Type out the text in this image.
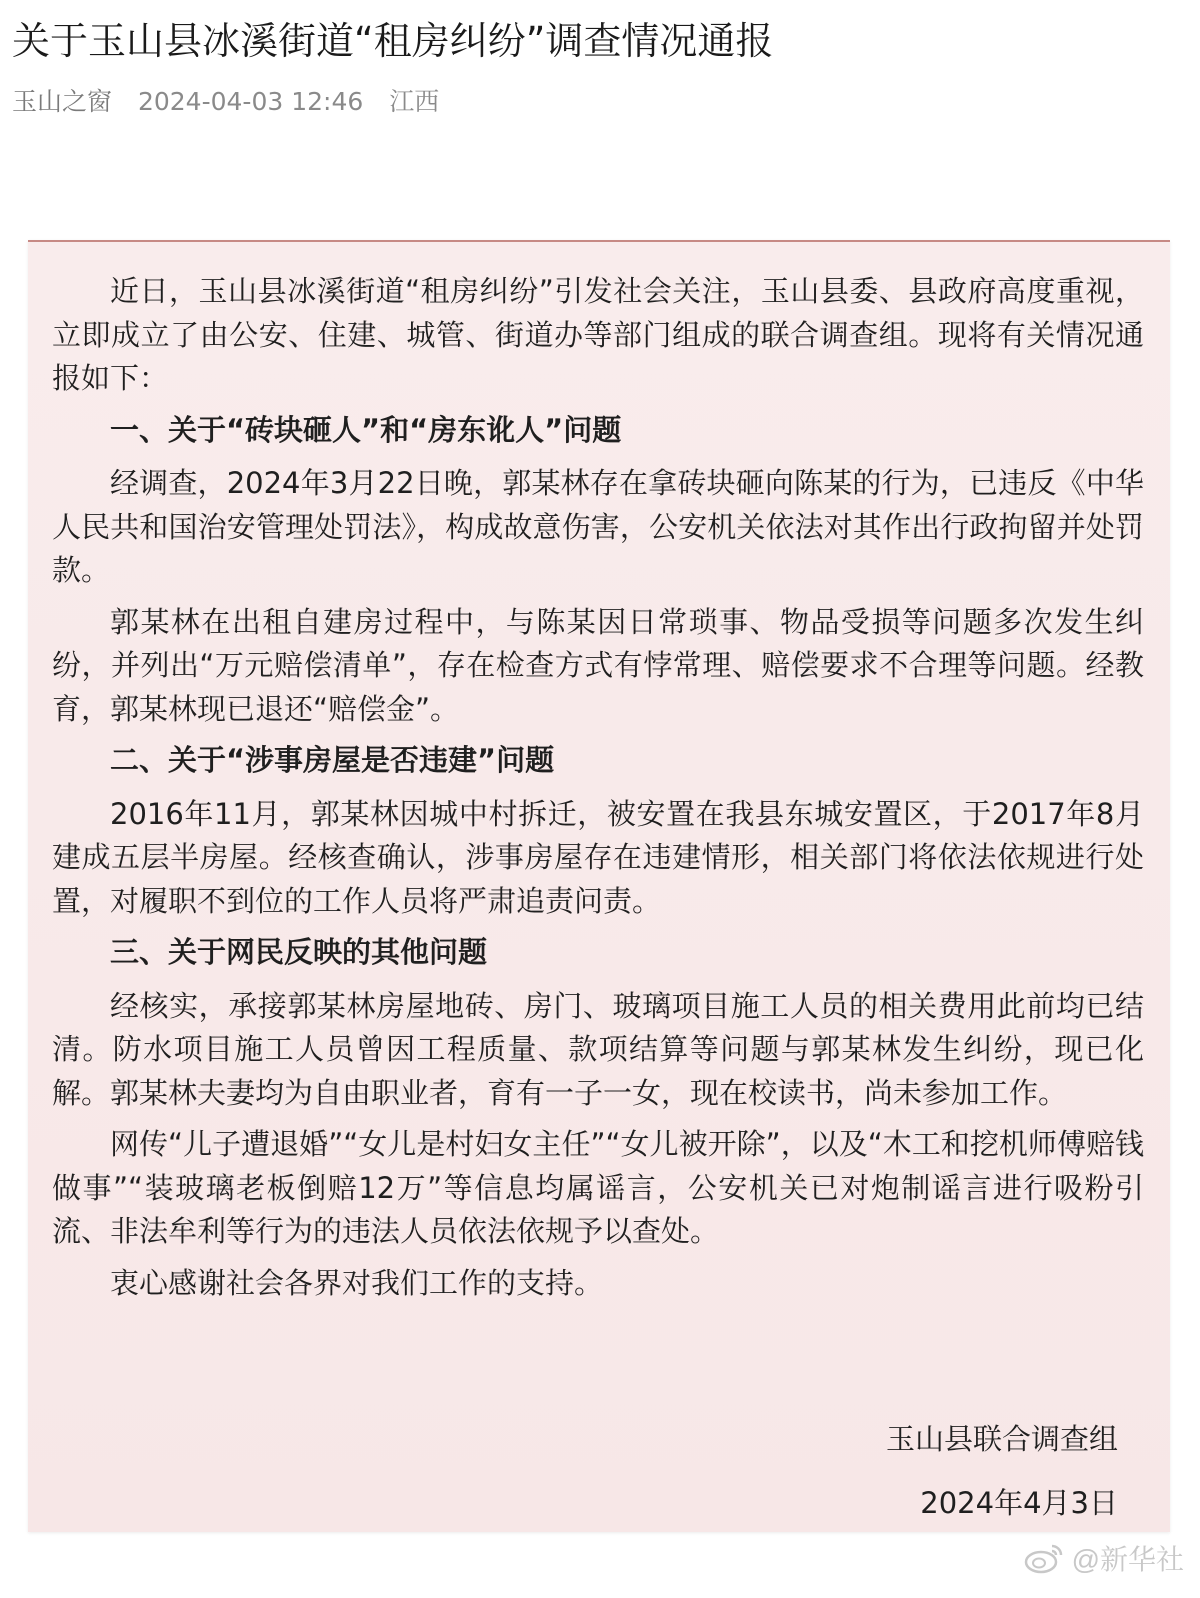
关于玉山县冰溪街道“租房纠纷”调查情况通报
玉山之窗 2024-04-03 12:46 江西

近日，玉山县冰溪街道“租房纠纷”引发社会关注，玉山县委、县政府高度重视，立即成立了由公安、住建、城管、街道办等部门组成的联合调查组。现将有关情况通报如下：

一、关于“砖块砸人”和“房东讹人”问题

经调查，2024年3月22日晚，郭某林存在拿砖块砸向陈某的行为，已违反《中华人民共和国治安管理处罚法》，构成故意伤害，公安机关依法对其作出行政拘留并处罚款。

郭某林在出租自建房过程中，与陈某因日常琐事、物品受损等问题多次发生纠纷，并列出“万元赔偿清单”，存在检查方式有悖常理、赔偿要求不合理等问题。经教育，郭某林现已退还“赔偿金”。

二、关于“涉事房屋是否违建”问题

2016年11月，郭某林因城中村拆迁，被安置在我县东城安置区，于2017年8月建成五层半房屋。经核查确认，涉事房屋存在违建情形，相关部门将依法依规进行处置，对履职不到位的工作人员将严肃追责问责。

三、关于网民反映的其他问题

经核实，承接郭某林房屋地砖、房门、玻璃项目施工人员的相关费用此前均已结清。防水项目施工人员曾因工程质量、款项结算等问题与郭某林发生纠纷，现已化解。郭某林夫妻均为自由职业者，育有一子一女，现在校读书，尚未参加工作。

网传“儿子遭退婚”“女儿是村妇女主任”“女儿被开除”，以及“木工和挖机师傅赔钱做事”“装玻璃老板倒赔12万”等信息均属谣言，公安机关已对炮制谣言进行吸粉引流、非法牟利等行为的违法人员依法依规予以查处。

衷心感谢社会各界对我们工作的支持。

玉山县联合调查组
2024年4月3日
@新华社
